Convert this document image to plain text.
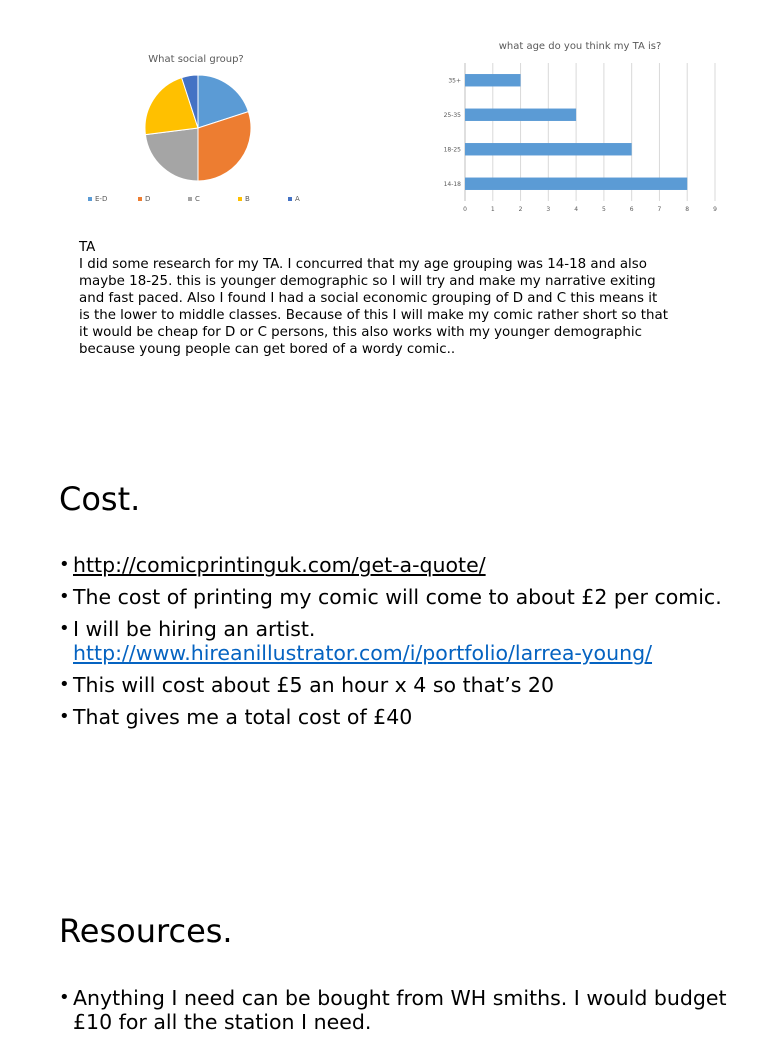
What social group?
E-D	D	C	B	A
what age do you think my TA is?
0	1	2	3	4	5	6	7	8	9
14-18
18-25
25-35
35+
TA
I did some research for my TA. I concurred that my age grouping was 14-18 and also maybe 18-25. this is younger demographic so I will try and make my narrative exiting and fast paced. Also I found I had a social economic grouping of D and C this means it is the lower to middle classes. Because of this I will make my comic rather short so that it would be cheap for D or C persons, this also works with my younger demographic because young people can get bored of a wordy comic..
Cost.
• http://comicprintinguk.com/get-a-quote/
• The cost of printing my comic will come to about £2 per comic.
• I will be hiring an artist.
http://www.hireanillustrator.com/i/portfolio/larrea-young/
• This will cost about £5 an hour x 4 so that’s 20
• That gives me a total cost of £40
Resources.
• Anything I need can be bought from WH smiths. I would budget £10 for all the station I need.
